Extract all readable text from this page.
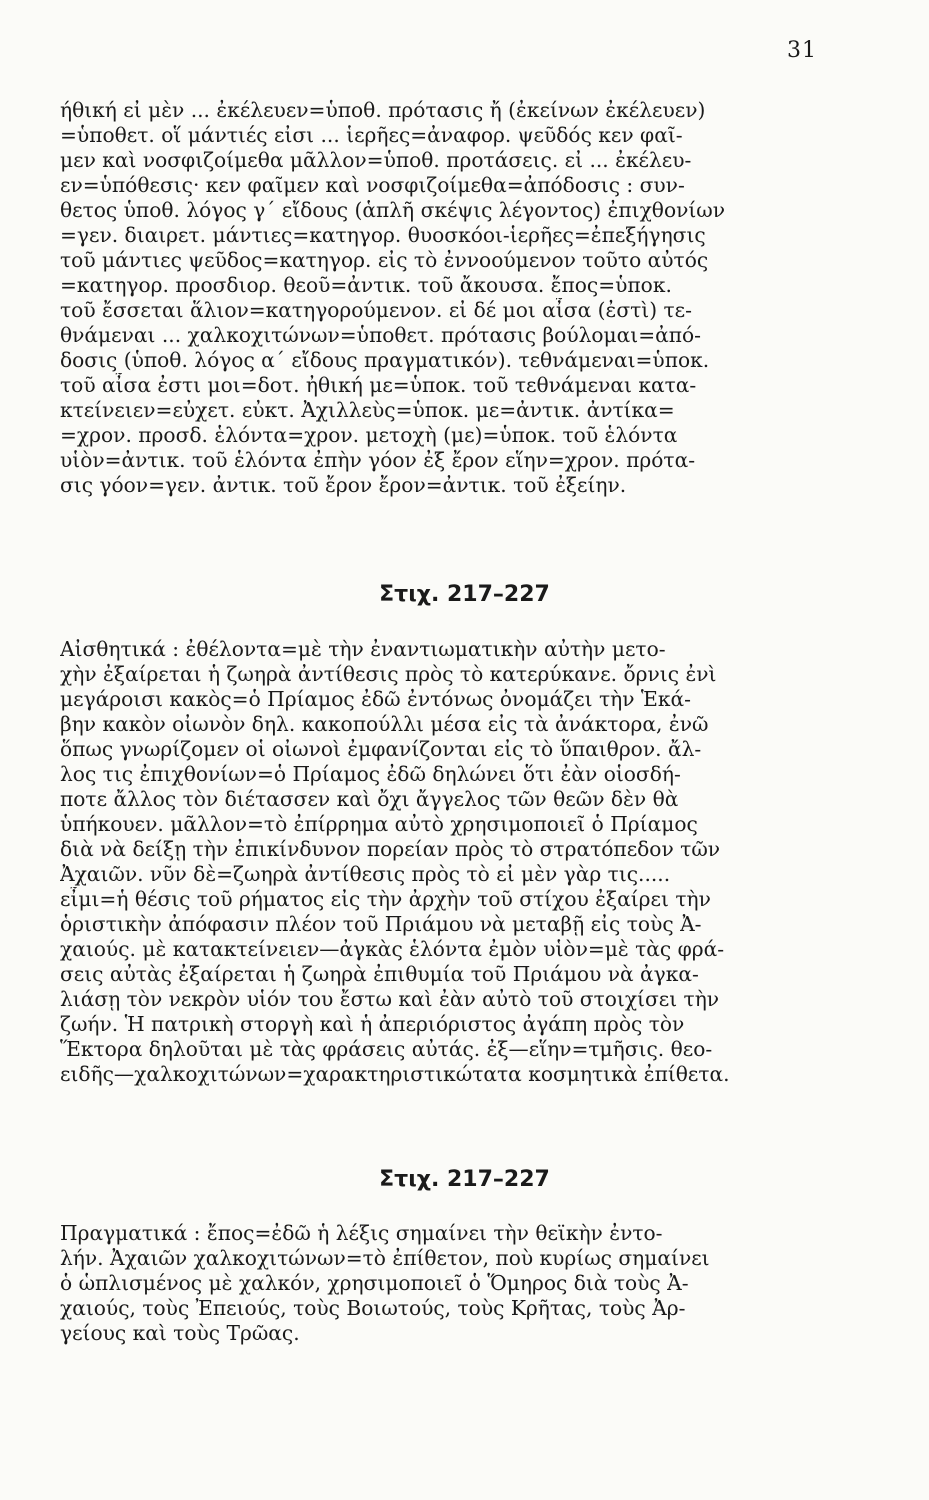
31
ήθική εἰ μὲν ... ἐκέλευεν=ὑποθ. πρότασις ἤ (ἐκείνων ἐκέλευεν)
=ὑποθετ. οἵ μάντιές εἰσι ... ἱερῆες=ἀναφορ. ψεῦδός κεν φαῖ-
μεν καὶ νοσφιζοίμεθα μᾶλλον=ὑποθ. προτάσεις. εἰ ... ἐκέλευ-
εν=ὑπόθεσις· κεν φαῖμεν καὶ νοσφιζοίμεθα=ἀπόδοσις : συν-
θετος ὑποθ. λόγος γ΄ εἴδους (ἁπλῆ σκέψις λέγοντος) ἐπιχθονίων
=γεν. διαιρετ. μάντιες=κατηγορ. θυοσκόοι-ἱερῆες=ἐπεξήγησις
τοῦ μάντιες ψεῦδος=κατηγορ. εἰς τὸ ἐννοούμενον τοῦτο αὐτός
=κατηγορ. προσδιορ. θεοῦ=ἀντικ. τοῦ ἄκουσα. ἔπος=ὑποκ.
τοῦ ἔσσεται ἅλιον=κατηγορούμενον. εἰ δέ μοι αἶσα (ἐστὶ) τε-
θνάμεναι ... χαλκοχιτώνων=ὑποθετ. πρότασις βούλομαι=ἀπό-
δοσις (ὑποθ. λόγος α΄ εἴδους πραγματικόν). τεθνάμεναι=ὑποκ.
τοῦ αἶσα ἐστι μοι=δοτ. ἠθική με=ὑποκ. τοῦ τεθνάμεναι κατα-
κτείνειεν=εὐχετ. εὐκτ. Ἀχιλλεὺς=ὑποκ. με=ἀντικ. ἀντίκα=
=χρον. προσδ. ἑλόντα=χρον. μετοχὴ (με)=ὑποκ. τοῦ ἑλόντα
υἱὸν=ἀντικ. τοῦ ἑλόντα ἐπὴν γόον ἐξ ἔρον εἵην=χρον. πρότα-
σις γόον=γεν. ἀντικ. τοῦ ἔρον ἔρον=ἀντικ. τοῦ ἐξείην.
Στιχ. 217–227
Αἰσθητικά : ἐθέλοντα=μὲ τὴν ἐναντιωματικὴν αὐτὴν μετο-
χὴν ἐξαίρεται ἡ ζωηρὰ ἀντίθεσις πρὸς τὸ κατερύκανε. ὄρνις ἐνὶ
μεγάροισι κακὸς=ὁ Πρίαμος ἐδῶ ἐντόνως ὀνομάζει τὴν Ἑκά-
βην κακὸν οἰωνὸν δηλ. κακοπούλλι μέσα εἰς τὰ ἀνάκτορα, ἐνῶ
ὅπως γνωρίζομεν οἱ οἰωνοὶ ἐμφανίζονται εἰς τὸ ὕπαιθρον. ἄλ-
λος τις ἐπιχθονίων=ὁ Πρίαμος ἐδῶ δηλώνει ὅτι ἐὰν οἱοσδή-
ποτε ἄλλος τὸν διέτασσεν καὶ ὄχι ἄγγελος τῶν θεῶν δὲν θὰ
ὑπήκουεν. μᾶλλον=τὸ ἐπίρρημα αὐτὸ χρησιμοποιεῖ ὁ Πρίαμος
διὰ νὰ δείξῃ τὴν ἐπικίνδυνον πορείαν πρὸς τὸ στρατόπεδον τῶν
Ἀχαιῶν. νῦν δὲ=ζωηρὰ ἀντίθεσις πρὸς τὸ εἰ μὲν γὰρ τις.....
εἶμι=ἡ θέσις τοῦ ρήματος εἰς τὴν ἀρχὴν τοῦ στίχου ἐξαίρει τὴν
ὁριστικὴν ἀπόφασιν πλέον τοῦ Πριάμου νὰ μεταβῇ εἰς τοὺς Ἀ-
χαιούς. μὲ κατακτείνειεν—ἀγκὰς ἑλόντα ἐμὸν υἱὸν=μὲ τὰς φρά-
σεις αὐτὰς ἐξαίρεται ἡ ζωηρὰ ἐπιθυμία τοῦ Πριάμου νὰ ἀγκα-
λιάσῃ τὸν νεκρὸν υἱόν του ἔστω καὶ ἐὰν αὐτὸ τοῦ στοιχίσει τὴν
ζωήν. Ἡ πατρικὴ στοργὴ καὶ ἡ ἀπεριόριστος ἀγάπη πρὸς τὸν
Ἕκτορα δηλοῦται μὲ τὰς φράσεις αὐτάς. ἐξ—εἵην=τμῆσις. θεο-
ειδῆς—χαλκοχιτώνων=χαρακτηριστικώτατα κοσμητικὰ ἐπίθετα.
Στιχ. 217–227
Πραγματικά : ἔπος=ἐδῶ ἡ λέξις σημαίνει τὴν θεϊκὴν ἐντο-
λήν. Ἀχαιῶν χαλκοχιτώνων=τὸ ἐπίθετον, ποὺ κυρίως σημαίνει
ὁ ὡπλισμένος μὲ χαλκόν, χρησιμοποιεῖ ὁ Ὅμηρος διὰ τοὺς Ἀ-
χαιούς, τοὺς Ἐπειούς, τοὺς Βοιωτούς, τοὺς Κρῆτας, τοὺς Ἀρ-
γείους καὶ τοὺς Τρῶας.
